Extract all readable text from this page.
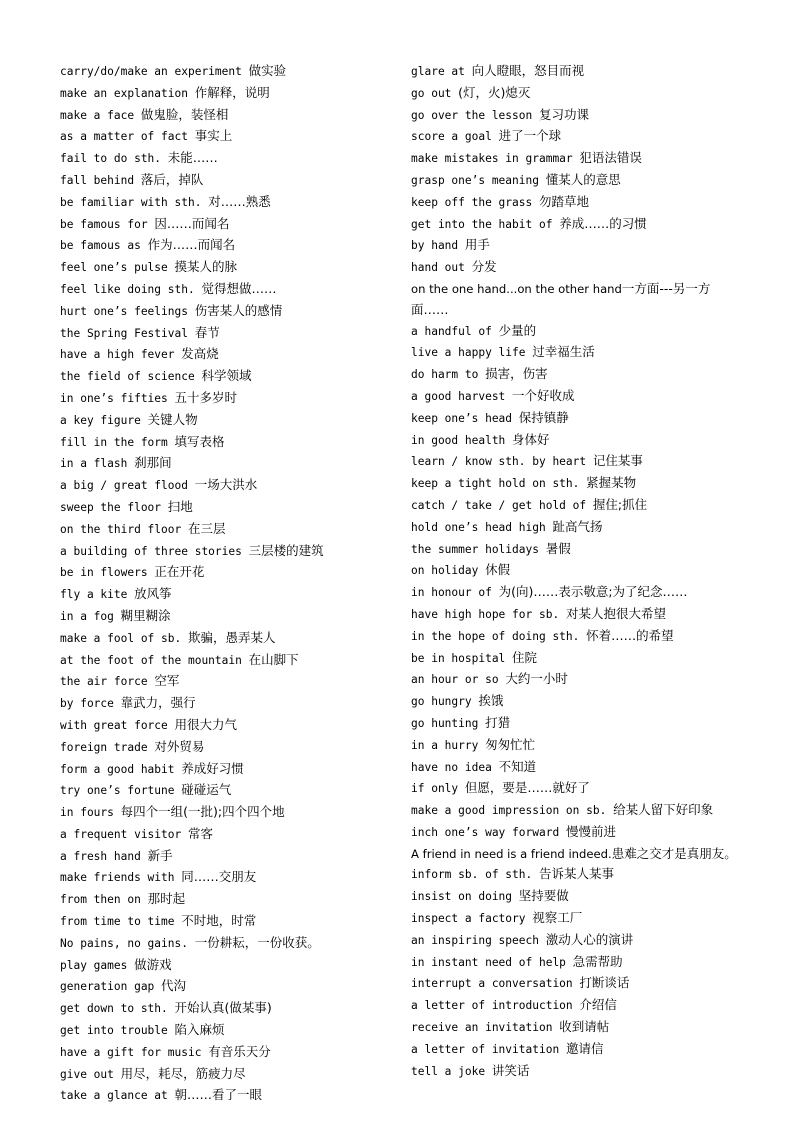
carry/do/make an experiment 做实验
make an explanation 作解释，说明
make a face 做鬼脸，装怪相
as a matter of fact 事实上
fail to do sth. 未能……
fall behind 落后，掉队
be familiar with sth. 对……熟悉
be famous for 因……而闻名
be famous as 作为……而闻名
feel one’s pulse 摸某人的脉
feel like doing sth. 觉得想做……
hurt one’s feelings 伤害某人的感情
the Spring Festival 春节
have a high fever 发高烧
the field of science 科学领域
in one’s fifties 五十多岁时
a key figure 关键人物
fill in the form 填写表格
in a flash 刹那间
a big / great flood 一场大洪水
sweep the floor 扫地
on the third floor 在三层
a building of three stories 三层楼的建筑
be in flowers 正在开花
fly a kite 放风筝
in a fog 糊里糊涂
make a fool of sb. 欺骗，愚弄某人
at the foot of the mountain 在山脚下
the air force 空军
by force 靠武力，强行
with great force 用很大力气
foreign trade 对外贸易
form a good habit 养成好习惯
try one’s fortune 碰碰运气
in fours 每四个一组(一批);四个四个地
a frequent visitor 常客
a fresh hand 新手
make friends with 同……交朋友
from then on 那时起
from time to time 不时地，时常
No pains, no gains. 一份耕耘，一份收获。
play games 做游戏
generation gap 代沟
get down to sth. 开始认真(做某事)
get into trouble 陷入麻烦
have a gift for music 有音乐天分
give out 用尽，耗尽，筋疲力尽
take a glance at 朝……看了一眼
glare at 向人瞪眼，怒目而视
go out (灯，火)熄灭
go over the lesson 复习功课
score a goal 进了一个球
make mistakes in grammar 犯语法错误
grasp one’s meaning 懂某人的意思
keep off the grass 勿踏草地
get into the habit of 养成……的习惯
by hand 用手
hand out 分发
on the one hand...on the other hand一方面---另一方面……
a handful of 少量的
live a happy life 过幸福生活
do harm to 损害，伤害
a good harvest 一个好收成
keep one’s head 保持镇静
in good health 身体好
learn / know sth. by heart 记住某事
keep a tight hold on sth. 紧握某物
catch / take / get hold of 握住;抓住
hold one’s head high 趾高气扬
the summer holidays 暑假
on holiday 休假
in honour of 为(向)……表示敬意;为了纪念……
have high hope for sb. 对某人抱很大希望
in the hope of doing sth. 怀着……的希望
be in hospital 住院
an hour or so 大约一小时
go hungry 挨饿
go hunting 打猎
in a hurry 匆匆忙忙
have no idea 不知道
if only 但愿，要是……就好了
make a good impression on sb. 给某人留下好印象
inch one’s way forward 慢慢前进
A friend in need is a friend indeed.患难之交才是真朋友。
inform sb. of sth. 告诉某人某事
insist on doing 坚持要做
inspect a factory 视察工厂
an inspiring speech 激动人心的演讲
in instant need of help 急需帮助
interrupt a conversation 打断谈话
a letter of introduction 介绍信
receive an invitation 收到请帖
a letter of invitation 邀请信
tell a joke 讲笑话
